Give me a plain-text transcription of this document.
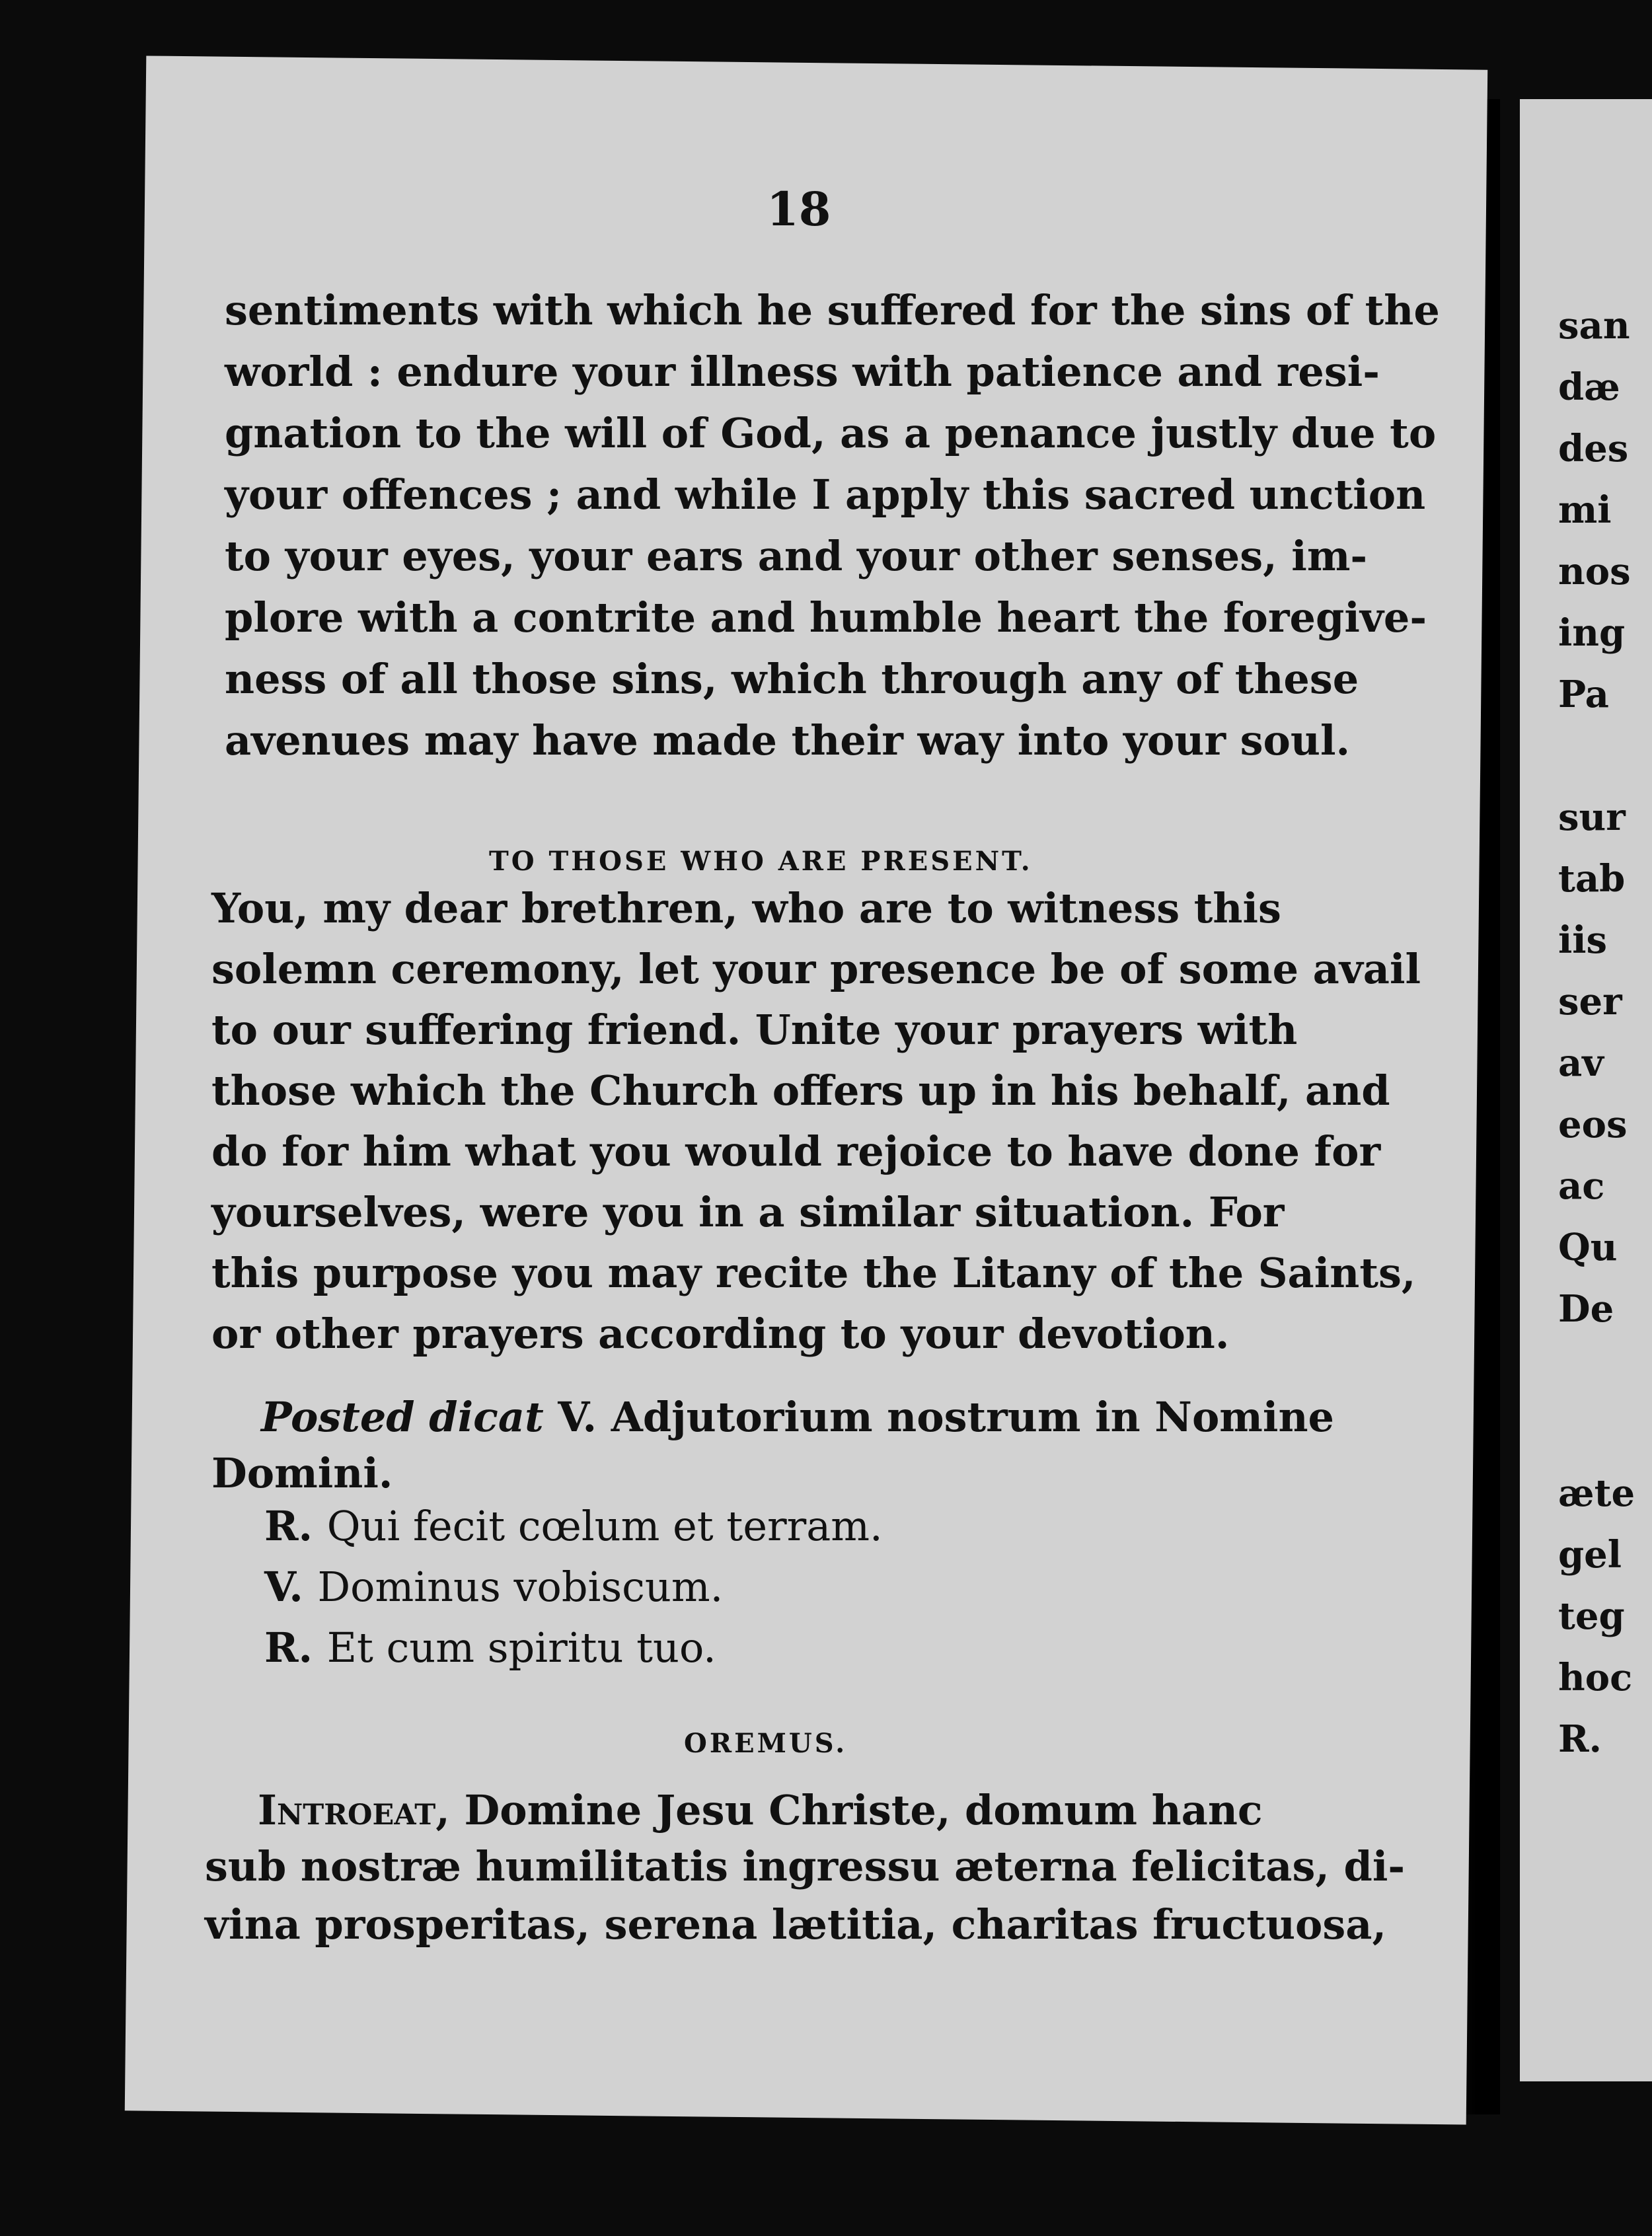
san
dæ
des
mi
nos
ing
Pa
sur
tab
iis
ser
av
eos
ac
Qu
De
æte
gel
teg
hoc
R.
18
sentiments with which he suffered for the sins of the
world : endure your illness with patience and resi-
gnation to the will of God, as a penance justly due to
your offences ; and while I apply this sacred unction
to your eyes, your ears and your other senses, im-
plore with a contrite and humble heart the foregive-
ness of all those sins, which through any of these
avenues may have made their way into your soul.
TO THOSE WHO ARE PRESENT.
You, my dear brethren, who are to witness this
solemn ceremony, let your presence be of some avail
to our suffering friend. Unite your prayers with
those which the Church offers up in his behalf, and
do for him what you would rejoice to have done for
yourselves, were you in a similar situation. For
this purpose you may recite the Litany of the Saints,
or other prayers according to your devotion.
Posted dicat V. Adjutorium nostrum in Nomine
Domini.
R. Qui fecit cœlum et terram.
V. Dominus vobiscum.
R. Et cum spiritu tuo.
OREMUS.
Introeat, Domine Jesu Christe, domum hanc
sub nostræ humilitatis ingressu æterna felicitas, di-
vina prosperitas, serena lætitia, charitas fructuosa,
